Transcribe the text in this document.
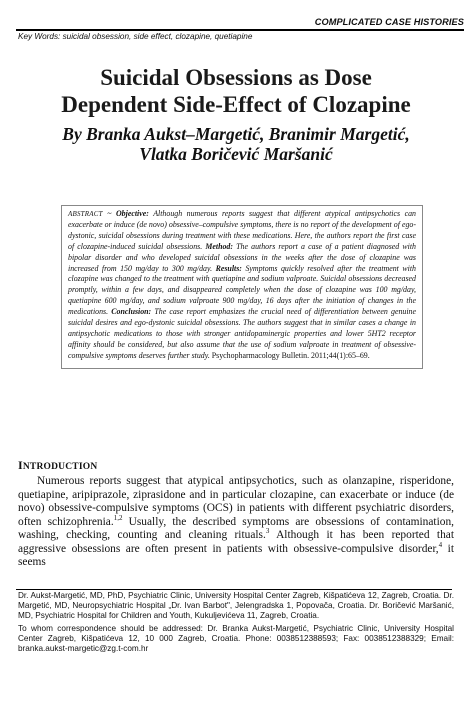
COMPLICATED CASE HISTORIES
Key Words: suicidal obsession, side effect, clozapine, quetiapine
Suicidal Obsessions as Dose
Dependent Side-Effect of Clozapine
By Branka Aukst–Margetić, Branimir Margetić,
Vlatka Boričević Maršanić
ABSTRACT ~ Objective: Although numerous reports suggest that different atypical antipsychotics can exacerbate or induce (de novo) obsessive–compulsive symptoms, there is no report of the development of ego-dystonic, suicidal obsessions during treatment with these medications. Here, the authors report the first case of clozapine-induced suicidal obsessions. Method: The authors report a case of a patient diagnosed with bipolar disorder and who developed suicidal obsessions in the weeks after the dose of clozapine was increased from 150 mg/day to 300 mg/day. Results: Symptoms quickly resolved after the treatment with clozapine was changed to the treatment with quetiapine and sodium valproate. Suicidal obsessions decreased promptly, within a few days, and disappeared completely when the dose of clozapine was 100 mg/day, quetiapine 600 mg/day, and sodium valproate 900 mg/day, 16 days after the initiation of changes in the medications. Conclusion: The case report emphasizes the crucial need of differentiation between genuine suicidal desires and ego-dystonic suicidal obsessions. The authors suggest that in similar cases a change in antipsychotic medications to those with stronger antidopaminergic properties and lower 5HT2 receptor affinity should be considered, but also assume that the use of sodium valproate in treatment of obsessive-compulsive symptoms deserves further study. Psychopharmacology Bulletin. 2011;44(1):65–69.
INTRODUCTION
Numerous reports suggest that atypical antipsychotics, such as olanzapine, risperidone, quetiapine, aripiprazole, ziprasidone and in particular clozapine, can exacerbate or induce (de novo) obsessive-compulsive symptoms (OCS) in patients with different psychiatric disorders, often schizophrenia.$^{1,2}$ Usually, the described symptoms are obsessions of contamination, washing, checking, counting and cleaning rituals.$^3$ Although it has been reported that aggressive obsessions are often present in patients with obsessive-compulsive disorder,$^4$ it seems

Dr. Aukst-Margetić, MD, PhD, Psychiatric Clinic, University Hospital Center Zagreb, Kišpatićeva 12, Zagreb, Croatia. Dr. Margetić, MD, Neuropsychiatric Hospital „Dr. Ivan Barbot", Jelengradska 1, Popovača, Croatia. Dr. Boričević Maršanić, MD, Psychiatric Hospital for Children and Youth, Kukuljevićeva 11, Zagreb, Croatia.

To whom correspondence should be addressed: Dr. Branka Aukst-Margetić, Psychiatric Clinic, University Hospital Center Zagreb, Kišpatićeva 12, 10 000 Zagreb, Croatia. Phone: 0038512388593; Fax: 0038512388329; Email: branka.aukst-margetic@zg.t-com.hr
